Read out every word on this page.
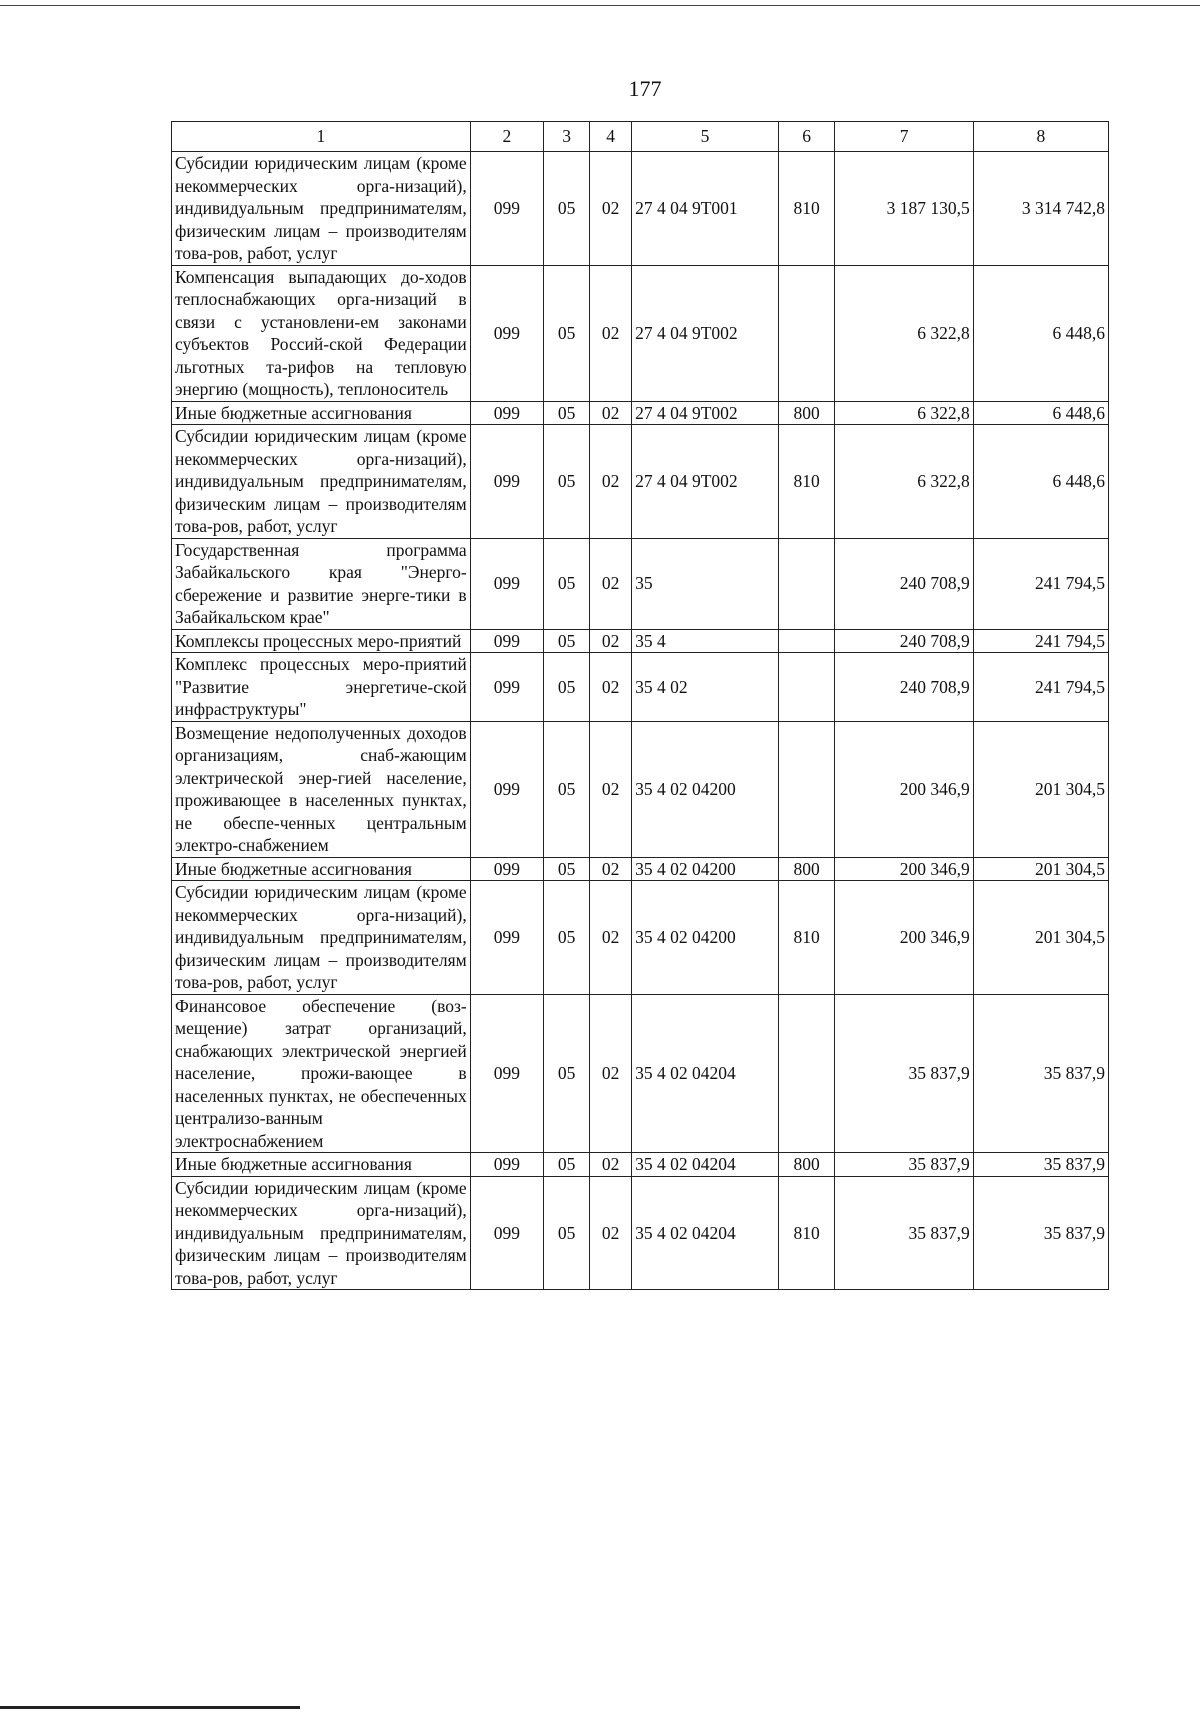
177
1	2	3	4	5	6	7	8
Субсидии юридическим лицам (кроме некоммерческих орга-низаций), индивидуальным предпринимателям, физическим лицам – производителям това-ров, работ, услуг	099	05	02	27 4 04 9Т001	810	3 187 130,5	3 314 742,8
Компенсация выпадающих до-ходов теплоснабжающих орга-низаций в связи с установлени-ем законами субъектов Россий-ской Федерации льготных та-рифов на тепловую энергию (мощность), теплоноситель	099	05	02	27 4 04 9Т002		6 322,8	6 448,6
Иные бюджетные ассигнования	099	05	02	27 4 04 9Т002	800	6 322,8	6 448,6
Субсидии юридическим лицам (кроме некоммерческих орга-низаций), индивидуальным предпринимателям, физическим лицам – производителям това-ров, работ, услуг	099	05	02	27 4 04 9Т002	810	6 322,8	6 448,6
Государственная программа Забайкальского края "Энерго-сбережение и развитие энерге-тики в Забайкальском крае"	099	05	02	35		240 708,9	241 794,5
Комплексы процессных меро-приятий	099	05	02	35 4		240 708,9	241 794,5
Комплекс процессных меро-приятий "Развитие энергетиче-ской инфраструктуры"	099	05	02	35 4 02		240 708,9	241 794,5
Возмещение недополученных доходов организациям, снаб-жающим электрической энер-гией население, проживающее в населенных пунктах, не обеспе-ченных центральным электро-снабжением	099	05	02	35 4 02 04200		200 346,9	201 304,5
Иные бюджетные ассигнования	099	05	02	35 4 02 04200	800	200 346,9	201 304,5
Субсидии юридическим лицам (кроме некоммерческих орга-низаций), индивидуальным предпринимателям, физическим лицам – производителям това-ров, работ, услуг	099	05	02	35 4 02 04200	810	200 346,9	201 304,5
Финансовое обеспечение (воз-мещение) затрат организаций, снабжающих электрической энергией население, прожи-вающее в населенных пунктах, не обеспеченных централизо-ванным электроснабжением	099	05	02	35 4 02 04204		35 837,9	35 837,9
Иные бюджетные ассигнования	099	05	02	35 4 02 04204	800	35 837,9	35 837,9
Субсидии юридическим лицам (кроме некоммерческих орга-низаций), индивидуальным предпринимателям, физическим лицам – производителям това-ров, работ, услуг	099	05	02	35 4 02 04204	810	35 837,9	35 837,9
